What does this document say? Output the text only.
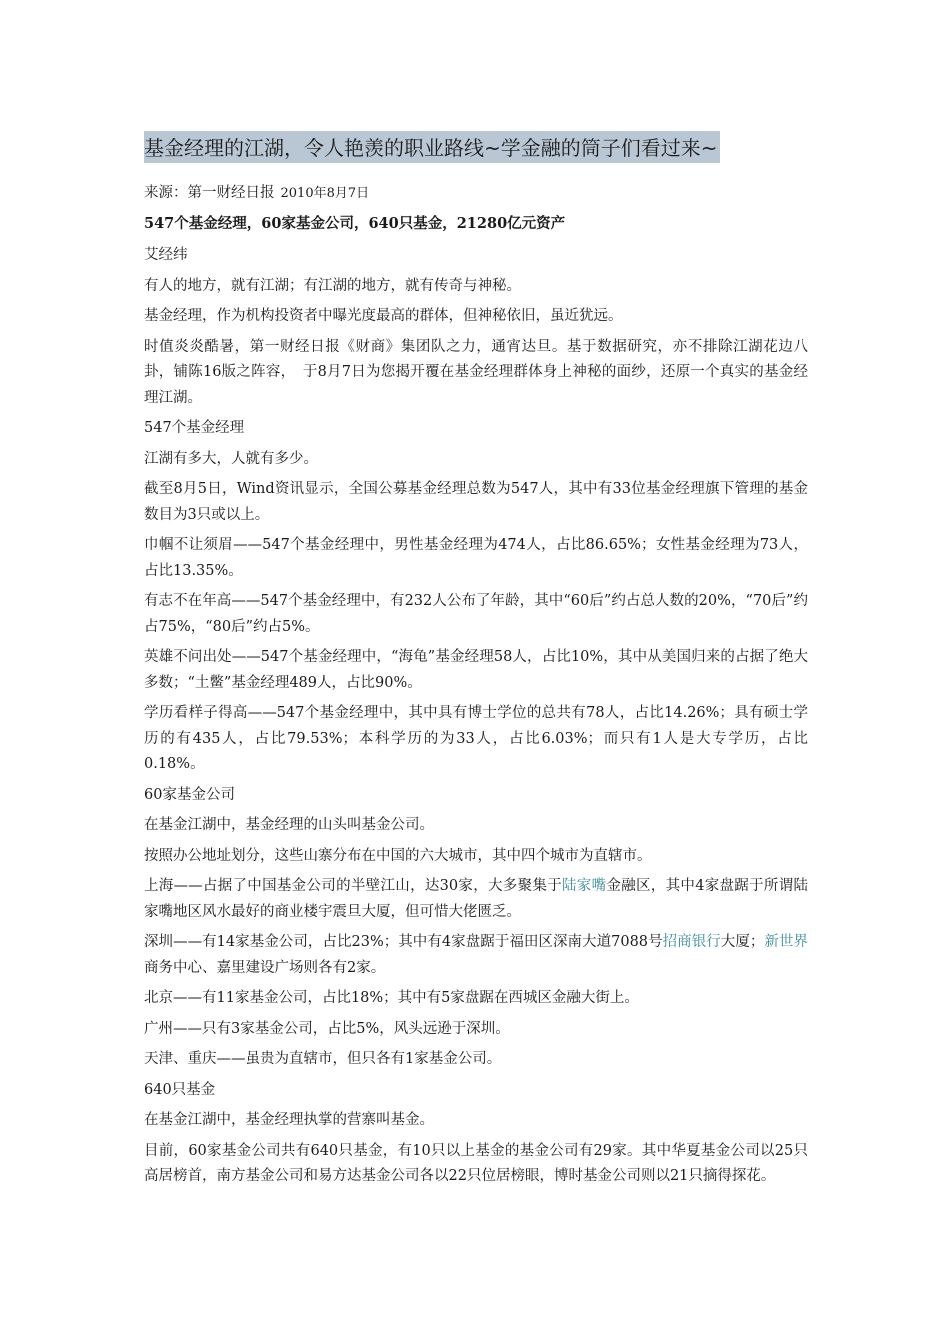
基金经理的江湖，令人艳羡的职业路线~学金融的筒子们看过来~
来源：第一财经日报 2010年8月7日
547个基金经理，60家基金公司，640只基金，21280亿元资产

艾经纬

有人的地方，就有江湖；有江湖的地方，就有传奇与神秘。

基金经理，作为机构投资者中曝光度最高的群体，但神秘依旧，虽近犹远。

时值炎炎酷暑，第一财经日报《财商》集团队之力，通宵达旦。基于数据研究，亦不排除江湖花边八卦，铺陈16版之阵容，　于8月7日为您揭开覆在基金经理群体身上神秘的面纱，还原一个真实的基金经理江湖。

547个基金经理

江湖有多大，人就有多少。

截至8月5日，Wind资讯显示，全国公募基金经理总数为547人，其中有33位基金经理旗下管理的基金数目为3只或以上。

巾帼不让须眉——547个基金经理中，男性基金经理为474人，占比86.65%；女性基金经理为73人，占比13.35%。

有志不在年高——547个基金经理中，有232人公布了年龄，其中“60后”约占总人数的20%，“70后”约占75%，“80后”约占5%。

英雄不问出处——547个基金经理中，“海龟”基金经理58人，占比10%，其中从美国归来的占据了绝大多数；“土鳖”基金经理489人，占比90%。

学历看样子得高——547个基金经理中，其中具有博士学位的总共有78人，占比14.26%；具有硕士学历的有435人，占比79.53%；本科学历的为33人，占比6.03%；而只有1人是大专学历，占比0.18%。

60家基金公司

在基金江湖中，基金经理的山头叫基金公司。

按照办公地址划分，这些山寨分布在中国的六大城市，其中四个城市为直辖市。

上海——占据了中国基金公司的半壁江山，达30家，大多聚集于陆家嘴金融区，其中4家盘踞于所谓陆家嘴地区风水最好的商业楼宇震旦大厦，但可惜大佬匮乏。

深圳——有14家基金公司，占比23%；其中有4家盘踞于福田区深南大道7088号招商银行大厦；新世界商务中心、嘉里建设广场则各有2家。

北京——有11家基金公司，占比18%；其中有5家盘踞在西城区金融大街上。

广州——只有3家基金公司，占比5%，风头远逊于深圳。

天津、重庆——虽贵为直辖市，但只各有1家基金公司。

640只基金

在基金江湖中，基金经理执掌的营寨叫基金。

目前，60家基金公司共有640只基金，有10只以上基金的基金公司有29家。其中华夏基金公司以25只高居榜首，南方基金公司和易方达基金公司各以22只位居榜眼，博时基金公司则以21只摘得探花。
